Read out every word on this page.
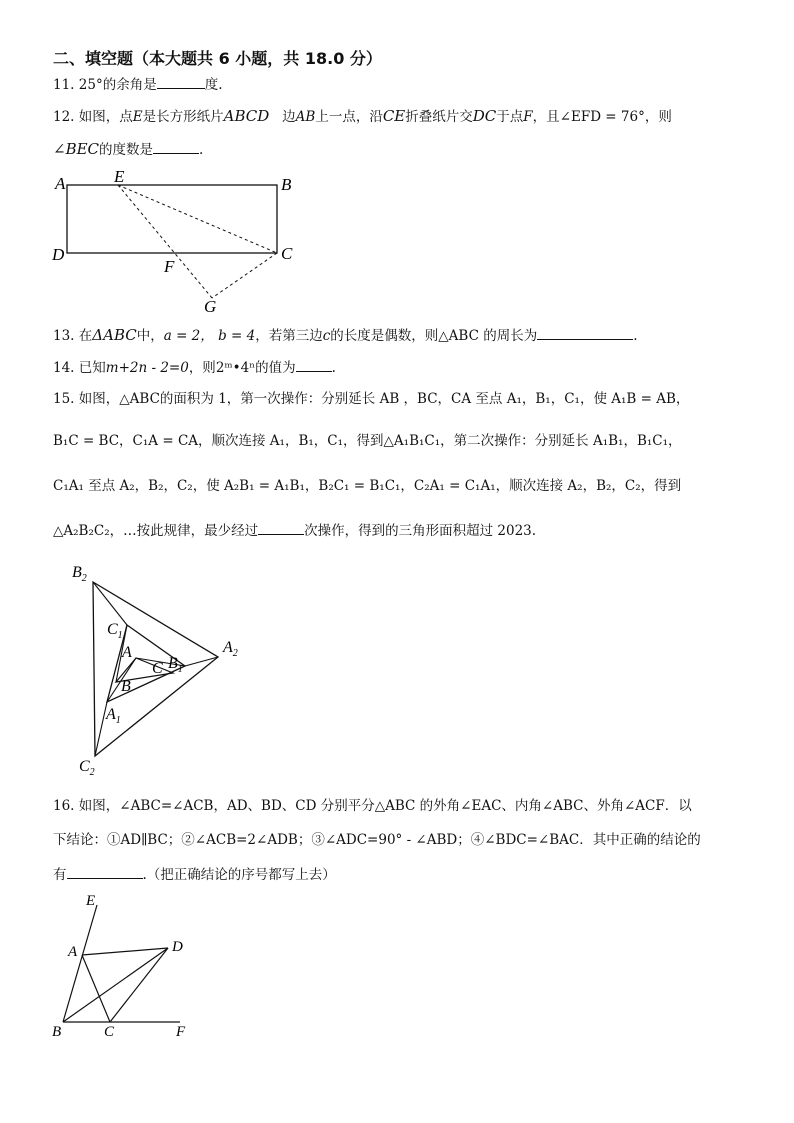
二、填空题（本大题共 6 小题，共 18.0 分）
11. 25°的余角是	度.
12. 如图，点E是长方形纸片ABCD 边AB上一点，沿CE折叠纸片交DC于点F，且∠EFD = 76°，则
∠BEC的度数是	.
A	E	B
D	C
F
G
13. 在ΔABC中，a = 2， b = 4，若第三边c的长度是偶数，则△ABC 的周长为	.
14. 已知m+2n - 2=0，则2ᵐ•4ⁿ的值为	.
15. 如图，△ABC的面积为 1，第一次操作：分别延长 AB ，BC，CA 至点 A₁，B₁，C₁，使 A₁B = AB，
B₁C = BC，C₁A = CA，顺次连接 A₁，B₁，C₁，得到△A₁B₁C₁，第二次操作：分别延长 A₁B₁，B₁C₁，
C₁A₁ 至点 A₂，B₂，C₂，使 A₂B₁ = A₁B₁，B₂C₁ = B₁C₁，C₂A₁ = C₁A₁，顺次连接 A₂，B₂，C₂，得到
△A₂B₂C₂，…按此规律，最少经过	次操作，得到的三角形面积超过 2023.
$B_2$
$C_1$
A
C $B_1$
$A_2$
B
$A_1$
$C_2$
16. 如图，∠ABC=∠ACB，AD、BD、CD 分别平分△ABC 的外角∠EAC、内角∠ABC、外角∠ACF．以
下结论：①AD∥BC；②∠ACB=2∠ADB；③∠ADC=90° - ∠ABD；④∠BDC=∠BAC．其中正确的结论的
有	.（把正确结论的序号都写上去）
E
A	D
B	C	F
